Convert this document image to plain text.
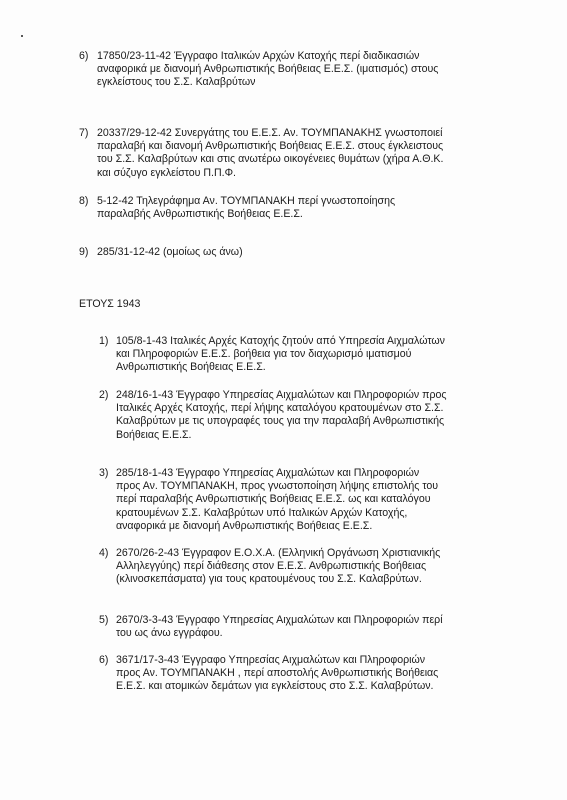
6) 17850/23-11-42 Έγγραφο Ιταλικών Αρχών Κατοχής περί διαδικασιών
αναφορικά με διανομή Ανθρωπιστικής Βοήθειας Ε.Ε.Σ. (ιματισμός) στους
εγκλείστους του Σ.Σ. Καλαβρύτων
7) 20337/29-12-42 Συνεργάτης του Ε.Ε.Σ. Αν. ΤΟΥΜΠΑΝΑΚΗΣ γνωστοποιεί
παραλαβή και διανομή Ανθρωπιστικής Βοήθειας Ε.Ε.Σ. στους έγκλειστους
του Σ.Σ. Καλαβρύτων και στις ανωτέρω οικογένειες θυμάτων (χήρα Α.Θ.Κ.
και σύζυγο εγκλείστου Π.Π.Φ.
8) 5-12-42 Τηλεγράφημα Αν. ΤΟΥΜΠΑΝΑΚΗ περί γνωστοποίησης
παραλαβής Ανθρωπιστικής Βοήθειας Ε.Ε.Σ.
9) 285/31-12-42 (ομοίως ως άνω)
ΕΤΟΥΣ 1943
1) 105/8-1-43 Ιταλικές Αρχές Κατοχής ζητούν από Υπηρεσία Αιχμαλώτων
και Πληροφοριών Ε.Ε.Σ. βοήθεια για τον διαχωρισμό ιματισμού
Ανθρωπιστικής Βοήθειας Ε.Ε.Σ.
2) 248/16-1-43 Έγγραφο Υπηρεσίας Αιχμαλώτων και Πληροφοριών προς
Ιταλικές Αρχές Κατοχής, περί λήψης καταλόγου κρατουμένων στο Σ.Σ.
Καλαβρύτων με τις υπογραφές τους για την παραλαβή Ανθρωπιστικής
Βοήθειας Ε.Ε.Σ.
3) 285/18-1-43 Έγγραφο Υπηρεσίας Αιχμαλώτων και Πληροφοριών
προς Αν. ΤΟΥΜΠΑΝΑΚΗ, προς γνωστοποίηση λήψης επιστολής του
περί παραλαβής Ανθρωπιστικής Βοήθειας Ε.Ε.Σ. ως και καταλόγου
κρατουμένων Σ.Σ. Καλαβρύτων υπό Ιταλικών Αρχών Κατοχής,
αναφορικά με διανομή Ανθρωπιστικής Βοήθειας Ε.Ε.Σ.
4) 2670/26-2-43 Έγγραφον Ε.Ο.Χ.Α. (Ελληνική Οργάνωση Χριστιανικής
Αλληλεγγύης) περί διάθεσης στον Ε.Ε.Σ. Ανθρωπιστικής Βοήθειας
(κλινοσκεπάσματα) για τους κρατουμένους του Σ.Σ. Καλαβρύτων.
5) 2670/3-3-43 Έγγραφο Υπηρεσίας Αιχμαλώτων και Πληροφοριών περί
του ως άνω εγγράφου.
6) 3671/17-3-43 Έγγραφο Υπηρεσίας Αιχμαλώτων και Πληροφοριών
προς Αν. ΤΟΥΜΠΑΝΑΚΗ , περί αποστολής Ανθρωπιστικής Βοήθειας
Ε.Ε.Σ. και ατομικών δεμάτων για εγκλείστους στο Σ.Σ. Καλαβρύτων.
